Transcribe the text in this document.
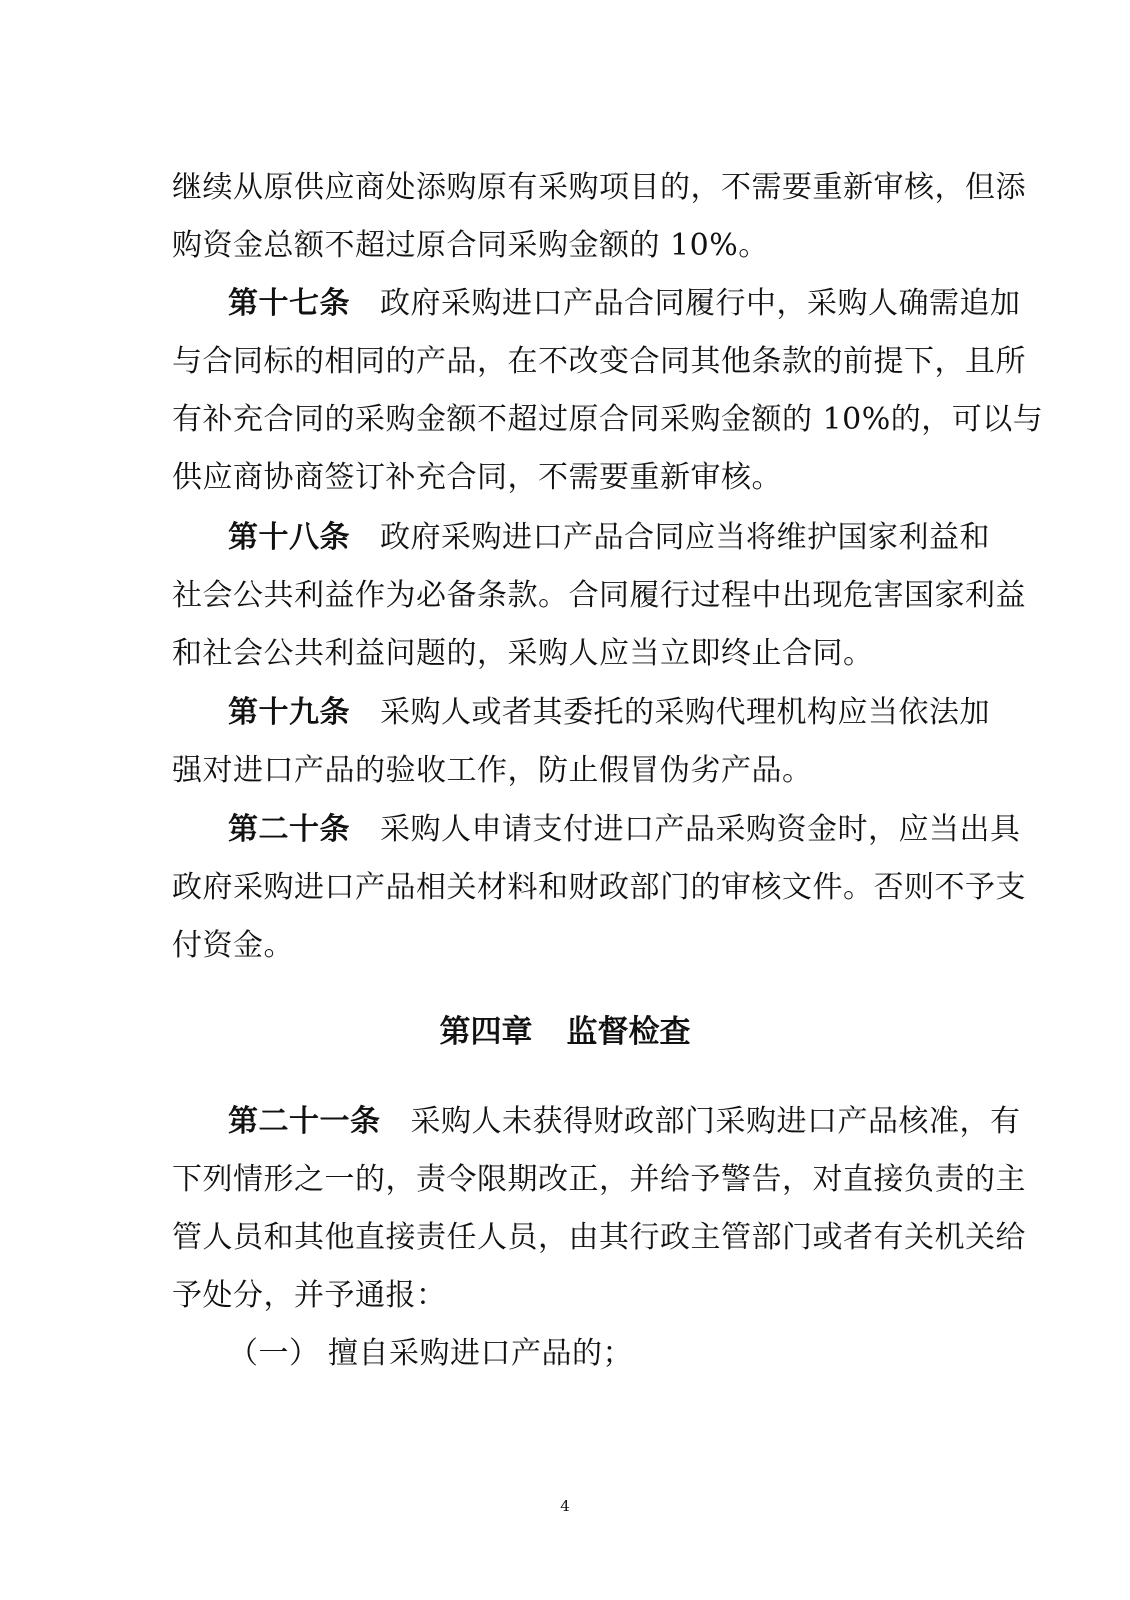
继续从原供应商处添购原有采购项目的，不需要重新审核，但添
购资金总额不超过原合同采购金额的 10%。
第十七条 政府采购进口产品合同履行中，采购人确需追加
与合同标的相同的产品，在不改变合同其他条款的前提下，且所
有补充合同的采购金额不超过原合同采购金额的 10%的，可以与
供应商协商签订补充合同，不需要重新审核。
第十八条 政府采购进口产品合同应当将维护国家利益和
社会公共利益作为必备条款。合同履行过程中出现危害国家利益
和社会公共利益问题的，采购人应当立即终止合同。
第十九条 采购人或者其委托的采购代理机构应当依法加
强对进口产品的验收工作，防止假冒伪劣产品。
第二十条 采购人申请支付进口产品采购资金时，应当出具
政府采购进口产品相关材料和财政部门的审核文件。否则不予支
付资金。
第四章 监督检查
第二十一条 采购人未获得财政部门采购进口产品核准，有
下列情形之一的，责令限期改正，并给予警告，对直接负责的主
管人员和其他直接责任人员，由其行政主管部门或者有关机关给
予处分，并予通报：
（一） 擅自采购进口产品的；
4
